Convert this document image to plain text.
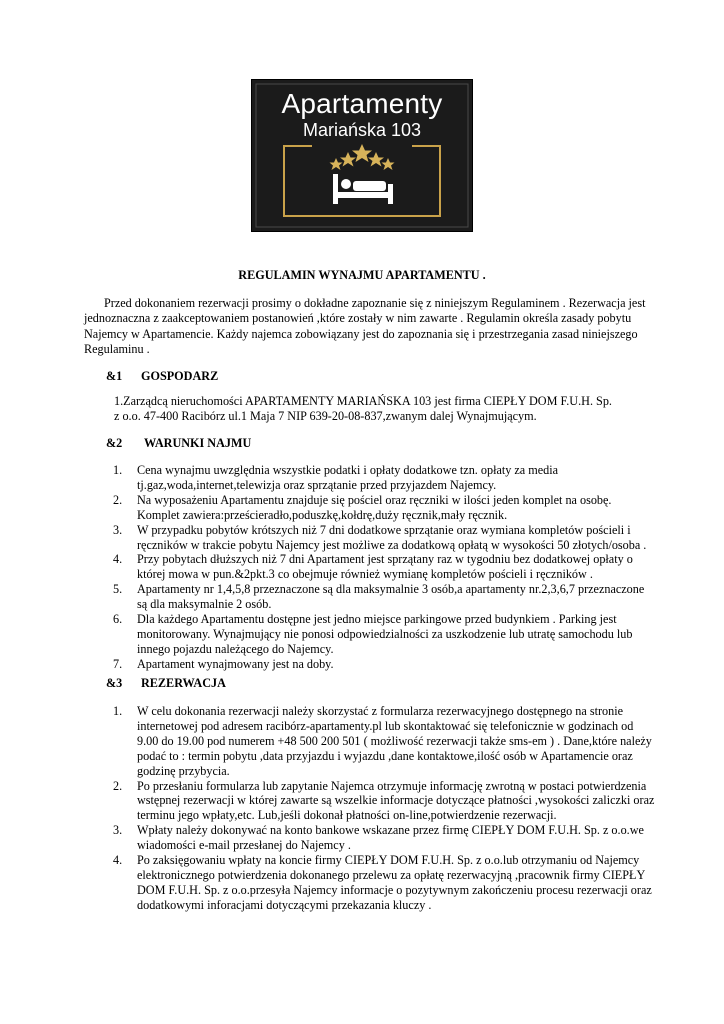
Apartamenty
Mariańska 103
REGULAMIN WYNAJMU APARTAMENTU .
Przed dokonaniem rezerwacji prosimy o dokładne zapoznanie się z niniejszym Regulaminem . Rezerwacja jest jednoznaczna z zaakceptowaniem postanowień ,które zostały w nim zawarte . Regulamin określa zasady pobytu Najemcy w Apartamencie. Każdy najemca zobowiązany jest do zapoznania się i przestrzegania zasad niniejszego Regulaminu .
&1 GOSPODARZ
1.Zarządcą nieruchomości APARTAMENTY MARIAŃSKA 103 jest firma CIEPŁY DOM F.U.H. Sp. z o.o. 47-400 Racibórz ul.1 Maja 7 NIP 639-20-08-837,zwanym dalej Wynajmującym.
&2 WARUNKI NAJMU
1. Cena wynajmu uwzględnia wszystkie podatki i opłaty dodatkowe tzn. opłaty za media tj.gaz,woda,internet,telewizja oraz sprzątanie przed przyjazdem Najemcy.
2. Na wyposażeniu Apartamentu znajduje się pościel oraz ręczniki w ilości jeden komplet na osobę. Komplet zawiera:prześcieradło,poduszkę,kołdrę,duży ręcznik,mały ręcznik.
3. W przypadku pobytów krótszych niż 7 dni dodatkowe sprzątanie oraz wymiana kompletów pościeli i ręczników w trakcie pobytu Najemcy jest możliwe za dodatkową opłatą w wysokości 50 złotych/osoba .
4. Przy pobytach dłuższych niż 7 dni Apartament jest sprzątany raz w tygodniu bez dodatkowej opłaty o której mowa w pun.&2pkt.3 co obejmuje również wymianę kompletów pościeli i ręczników .
5. Apartamenty nr 1,4,5,8 przeznaczone są dla maksymalnie 3 osób,a apartamenty nr.2,3,6,7 przeznaczone są dla maksymalnie 2 osób.
6. Dla każdego Apartamentu dostępne jest jedno miejsce parkingowe przed budynkiem . Parking jest monitorowany. Wynajmujący nie ponosi odpowiedzialności za uszkodzenie lub utratę samochodu lub innego pojazdu należącego do Najemcy.
7. Apartament wynajmowany jest na doby.
&3 REZERWACJA
1. W celu dokonania rezerwacji należy skorzystać z formularza rezerwacyjnego dostępnego na stronie internetowej pod adresem racibórz-apartamenty.pl lub skontaktować się telefonicznie w godzinach od 9.00 do 19.00 pod numerem +48 500 200 501 ( możliwość rezerwacji także sms-em ) . Dane,które należy podać to : termin pobytu ,data przyjazdu i wyjazdu ,dane kontaktowe,ilość osób w Apartamencie oraz godzinę przybycia.
2. Po przesłaniu formularza lub zapytanie Najemca otrzymuje informację zwrotną w postaci potwierdzenia wstępnej rezerwacji w której zawarte są wszelkie informacje dotyczące płatności ,wysokości zaliczki oraz terminu jego wpłaty,etc. Lub,jeśli dokonał płatności on-line,potwierdzenie rezerwacji.
3. Wpłaty należy dokonywać na konto bankowe wskazane przez firmę CIEPŁY DOM F.U.H. Sp. z o.o.we wiadomości e-mail przesłanej do Najemcy .
4. Po zaksięgowaniu wpłaty na koncie firmy CIEPŁY DOM F.U.H. Sp. z o.o.lub otrzymaniu od Najemcy elektronicznego potwierdzenia dokonanego przelewu za opłatę rezerwacyjną ,pracownik firmy CIEPŁY DOM F.U.H. Sp. z o.o.przesyła Najemcy informacje o pozytywnym zakończeniu procesu rezerwacji oraz dodatkowymi inforacjami dotyczącymi przekazania kluczy .
